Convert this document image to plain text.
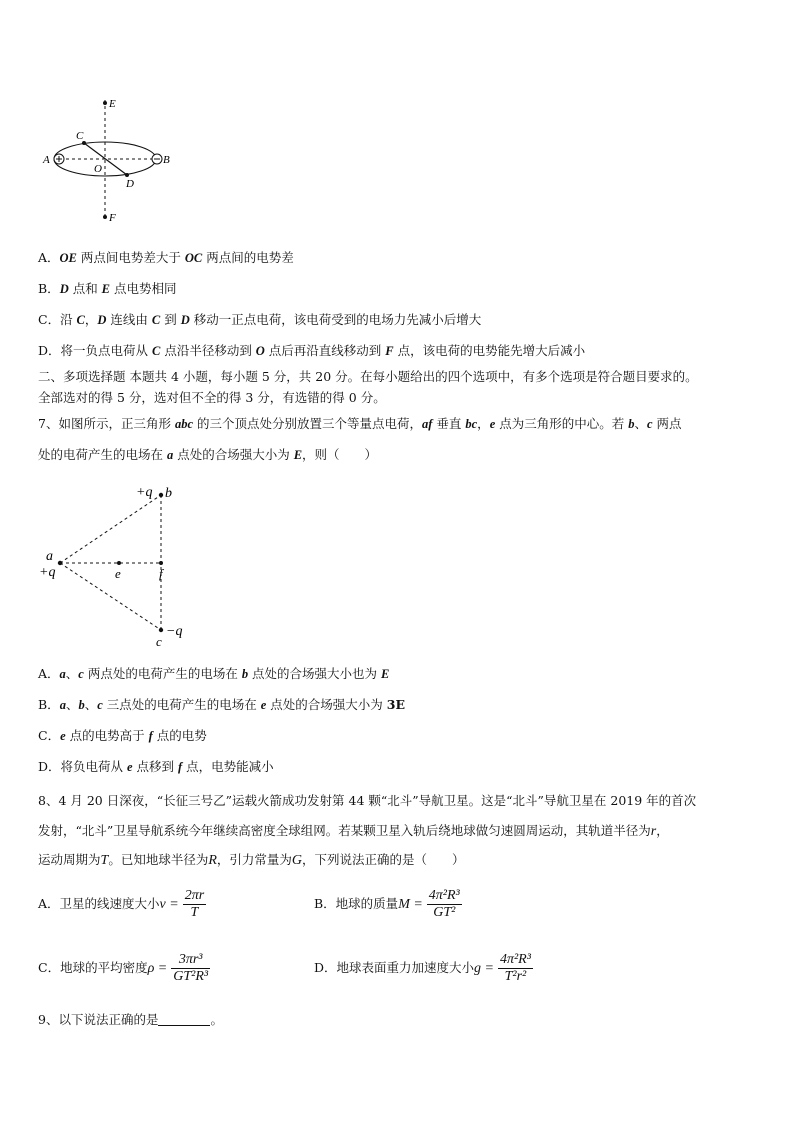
E
C
A
O
B
D
F
A．OE 两点间电势差大于 OC 两点间的电势差
B．D 点和 E 点电势相同
C．沿 C，D 连线由 C 到 D 移动一正点电荷，该电荷受到的电场力先减小后增大
D．将一负点电荷从 C 点沿半径移动到 O 点后再沿直线移动到 F 点，该电荷的电势能先增大后减小
二、多项选择题 本题共 4 小题，每小题 5 分，共 20 分。在每小题给出的四个选项中，有多个选项是符合题目要求的。
全部选对的得 5 分，选对但不全的得 3 分，有选错的得 0 分。
7、如图所示，正三角形 abc 的三个顶点处分别放置三个等量点电荷，af 垂直 bc，e 点为三角形的中心。若 b、c 两点
处的电荷产生的电场在 a 点处的合场强大小为 E，则（　　）
+q b
a
+q	e	f
−q
c
A．a、c 两点处的电荷产生的电场在 b 点处的合场强大小也为 E
B．a、b、c 三点处的电荷产生的电场在 e 点处的合场强大小为 3E
C．e 点的电势高于 f 点的电势
D．将负电荷从 e 点移到 f 点，电势能减小
8、4 月 20 日深夜，“长征三号乙”运载火箭成功发射第 44 颗“北斗”导航卫星。这是“北斗”导航卫星在 2019 年的首次
发射，“北斗”卫星导航系统今年继续高密度全球组网。若某颗卫星入轨后绕地球做匀速圆周运动，其轨道半径为r，
运动周期为T。已知地球半径为R，引力常量为G，下列说法正确的是（　　）
A．卫星的线速度大小$v = \frac{2\pi r}{T}$	B．地球的质量$M = \frac{\text{4π²R³}}{\text{GT²}}$
C．地球的平均密度$\rho = \frac{\text{3πr³}}{\text{GT²R³}}$	D．地球表面重力加速度大小$g = \frac{\text{4π²R³}}{\text{T²r²}}$
9、以下说法正确的是	。
